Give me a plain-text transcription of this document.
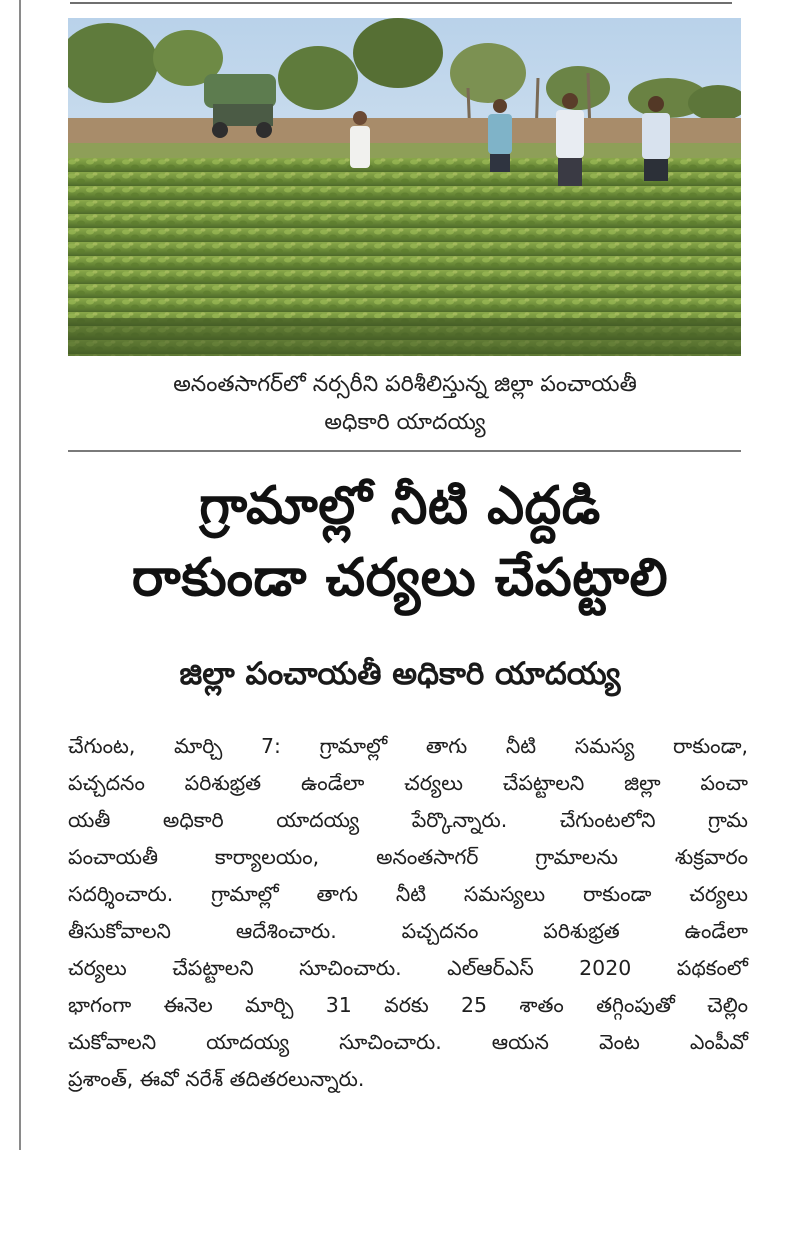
అనంతసాగర్‌లో నర్సరీని పరిశీలిస్తున్న జిల్లా పంచాయతీ
అధికారి యాదయ్య
గ్రామాల్లో నీటి ఎద్దడి
రాకుండా చర్యలు చేపట్టాలి
జిల్లా పంచాయతీ అధికారి యాదయ్య
చేగుంట, మార్చి 7: గ్రామాల్లో తాగు నీటి సమస్య రాకుండా,
పచ్చదనం పరిశుభ్రత ఉండేలా చర్యలు చేపట్టాలని జిల్లా పంచా
యతీ అధికారి యాదయ్య పేర్కొన్నారు. చేగుంటలోని గ్రామ
పంచాయతీ కార్యాలయం, అనంతసాగర్ గ్రామాలను శుక్రవారం
సదర్శించారు. గ్రామాల్లో తాగు నీటి సమస్యలు రాకుండా చర్యలు
తీసుకోవాలని ఆదేశించారు. పచ్చదనం పరిశుభ్రత ఉండేలా
చర్యలు చేపట్టాలని సూచించారు. ఎల్ఆర్ఎస్ 2020 పథకంలో
భాగంగా ఈనెల మార్చి 31 వరకు 25 శాతం తగ్గింపుతో చెల్లిం
చుకోవాలని యాదయ్య సూచించారు. ఆయన వెంట ఎంపీవో
ప్రశాంత్, ఈవో నరేశ్ తదితరలున్నారు.
